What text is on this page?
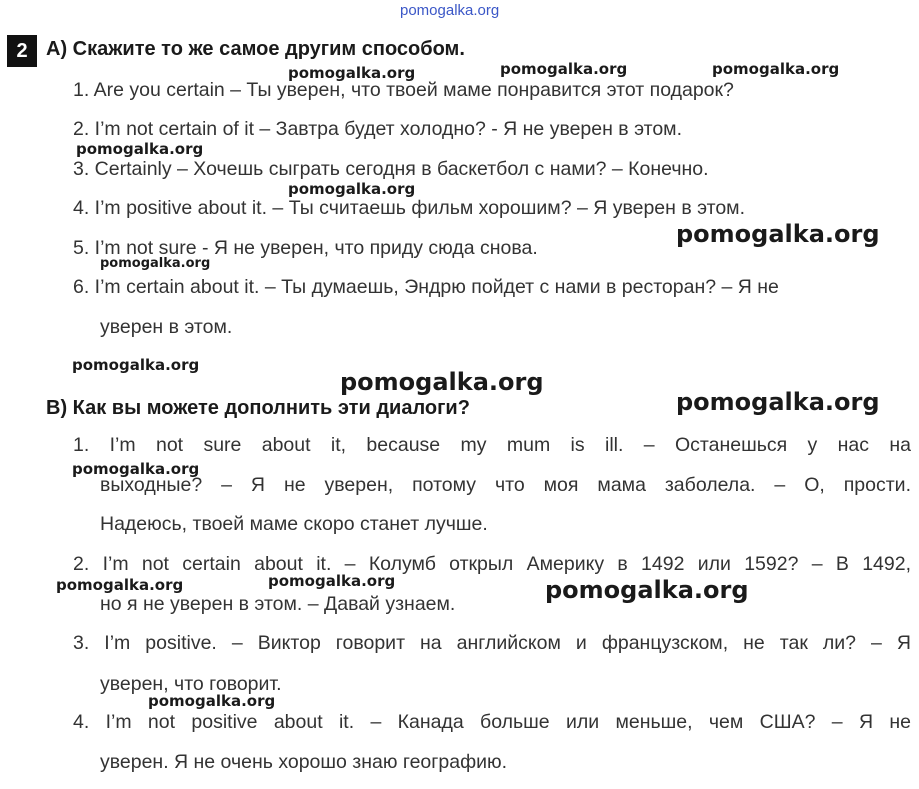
pomogalka.org
2 A) Скажите то же самое другим способом.
1. Are you certain – Ты уверен, что твоей маме понравится этот подарок?
2. I’m not certain of it – Завтра будет холодно? - Я не уверен в этом.
3. Certainly – Хочешь сыграть сегодня в баскетбол с нами? – Конечно.
4. I’m positive about it. – Ты считаешь фильм хорошим? – Я уверен в этом.
5. I’m not sure - Я не уверен, что приду сюда снова.
6. I’m certain about it. – Ты думаешь, Эндрю пойдет с нами в ресторан? – Я не
уверен в этом.
B) Как вы можете дополнить эти диалоги?
1. I’m not sure about it, because my mum is ill. – Останешься у нас на
выходные? – Я не уверен, потому что моя мама заболела. – О, прости.
Надеюсь, твоей маме скоро станет лучше.
2. I’m not certain about it. – Колумб открыл Америку в 1492 или 1592? – В 1492,
но я не уверен в этом. – Давай узнаем.
3. I’m positive. – Виктор говорит на английском и французском, не так ли? – Я
уверен, что говорит.
4. I’m not positive about it. – Канада больше или меньше, чем США? – Я не
уверен. Я не очень хорошо знаю географию.
pomogalka.org	pomogalka.org	pomogalka.org
pomogalka.org
pomogalka.org
pomogalka.org
pomogalka.org
pomogalka.org
pomogalka.org
pomogalka.org
pomogalka.org
pomogalka.org	pomogalka.org	pomogalka.org
pomogalka.org
